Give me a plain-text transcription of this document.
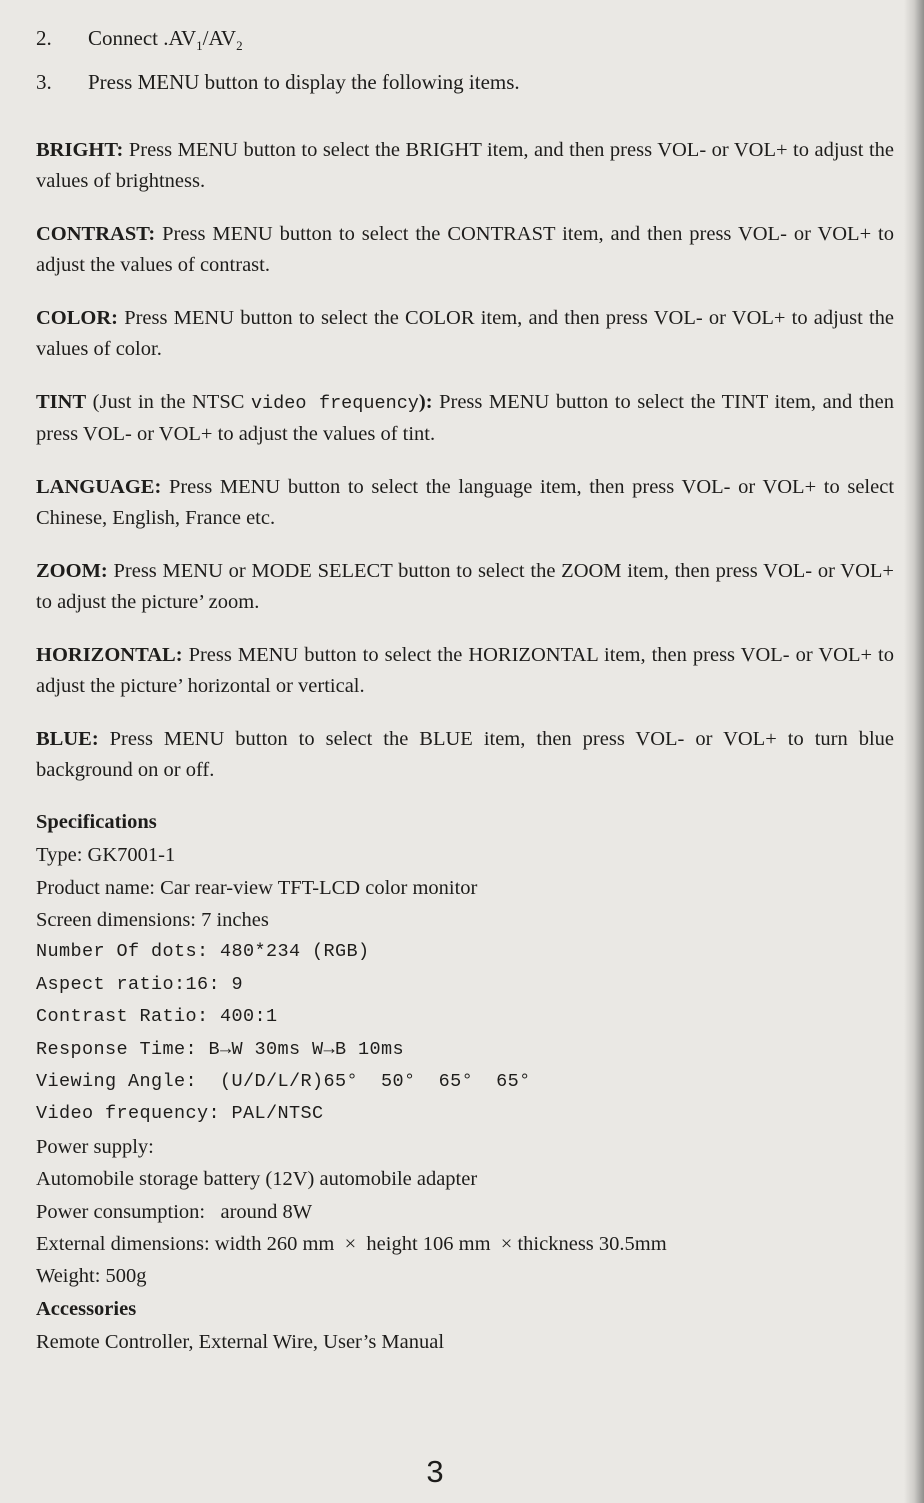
2.	Connect $.AV_1/AV_2$
3.	Press MENU button to display the following items.

BRIGHT: Press MENU button to select the BRIGHT item, and then press VOL- or VOL+ to adjust the values of brightness.

CONTRAST: Press MENU button to select the CONTRAST item, and then press VOL- or VOL+ to adjust the values of contrast.

COLOR: Press MENU button to select the COLOR item, and then press VOL- or VOL+ to adjust the values of color.

TINT (Just in the NTSC video frequency): Press MENU button to select the TINT item, and then press VOL- or VOL+ to adjust the values of tint.

LANGUAGE: Press MENU button to select the language item, then press VOL- or VOL+ to select Chinese, English, France etc.

ZOOM: Press MENU or MODE SELECT button to select the ZOOM item, then press VOL- or VOL+ to adjust the picture’ zoom.

HORIZONTAL: Press MENU button to select the HORIZONTAL item, then press VOL- or VOL+ to adjust the picture’ horizontal or vertical.

BLUE: Press MENU button to select the BLUE item, then press VOL- or VOL+ to turn blue background on or off.

Specifications
Type: GK7001-1
Product name: Car rear-view TFT-LCD color monitor
Screen dimensions: 7 inches
Number Of dots: 480*234 (RGB)
Aspect ratio:16: 9
Contrast Ratio: 400:1
Response Time: B→W 30ms W→B 10ms
Viewing Angle:  (U/D/L/R)65°  50°  65°  65°
Video frequency: PAL/NTSC
Power supply:
Automobile storage battery (12V) automobile adapter
Power consumption:   around 8W
External dimensions: width 260 mm  ×  height 106 mm  × thickness 30.5mm
Weight: 500g
Accessories
Remote Controller, External Wire, User’s Manual
3
